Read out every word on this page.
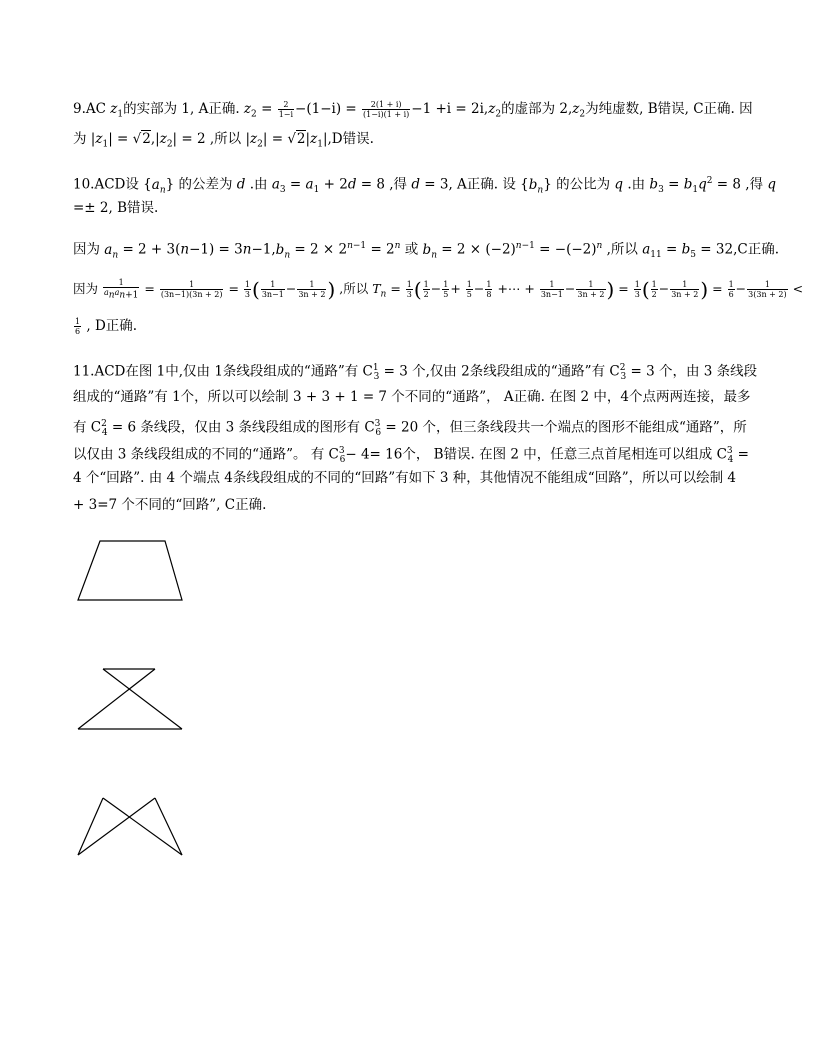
9.AC $z_1$的实部为 1, A正确. $z_2 = \frac{2}{1-i} -(1-i) = \frac{2(1 + i)}{(1-i)(1 + i)} -1 +i = 2i,z_2$的虚部为 $2,z_2$为纯虚数, B错误, C正确. 因
为 $|z_1| = √2,|z_2| = 2$ ,所以 $|z_2| = √2|z_1|,D$错误.
10.ACD设 $\{a_n\}$ 的公差为 d .由 $a_3 = a_1 + 2d = 8$ ,得 d = 3, A正确. 设 $\{b_n\}$ 的公比为 q .由 $b_3 = b_1q^2 = 8$ ,得 q
=± 2, B错误.
因为 $a_n = 2 + 3(n-1) = 3n-1,b_n = 2 \times 2^{n-1} = 2^n$ 或 $b_n = 2 \times (-2)^{n-1} = -(-2)^n$ ,所以 $a_{11} = b_5 = 32,C$正确.
因为 $\frac{1}{a_na_{n+1}} = \frac{1}{(3n-1)(3n + 2)} = \frac{1}{3}$ ( $\frac{1}{3n-1} - \frac{1}{3n + 2}$ ) ,所以 $T_n = \frac{1}{3}$ ( $\frac{1}{2} - \frac{1}{5} + \frac{1}{5} - \frac{1}{8}$ +⋯ + $\frac{1}{3n-1} - \frac{1}{3n + 2}$ ) = $\frac{1}{3}$ ( $\frac{1}{2} - \frac{1}{3n + 2}$ ) = $\frac{1}{6} - \frac{1}{3(3n + 2)}$ <
$\frac{1}{6}$ , D正确.
11.ACD在图 1中,仅由 1条线段组成的“通路”有 $C^1_3 = 3$ 个,仅由 2条线段组成的“通路”有 $C^2_3 = 3$ 个，由 3 条线段
组成的“通路”有 1个，所以可以绘制 3 + 3 + 1 = 7 个不同的“通路”， A正确. 在图 2 中，4个点两两连接，最多
有 $C^2_4 = 6$ 条线段，仅由 3 条线段组成的图形有 $C^3_6 = 20$ 个，但三条线段共一个端点的图形不能组成“通路”，所
以仅由 3 条线段组成的不同的“通路”。 有 $C^3_6- 4= 16$个， B错误. 在图 2 中，任意三点首尾相连可以组成 $C^3_4$ =
4 个“回路”. 由 4 个端点 4条线段组成的不同的“回路”有如下 3 种，其他情况不能组成“回路”，所以可以绘制 4
+ 3=7 个不同的“回路”, C正确.
